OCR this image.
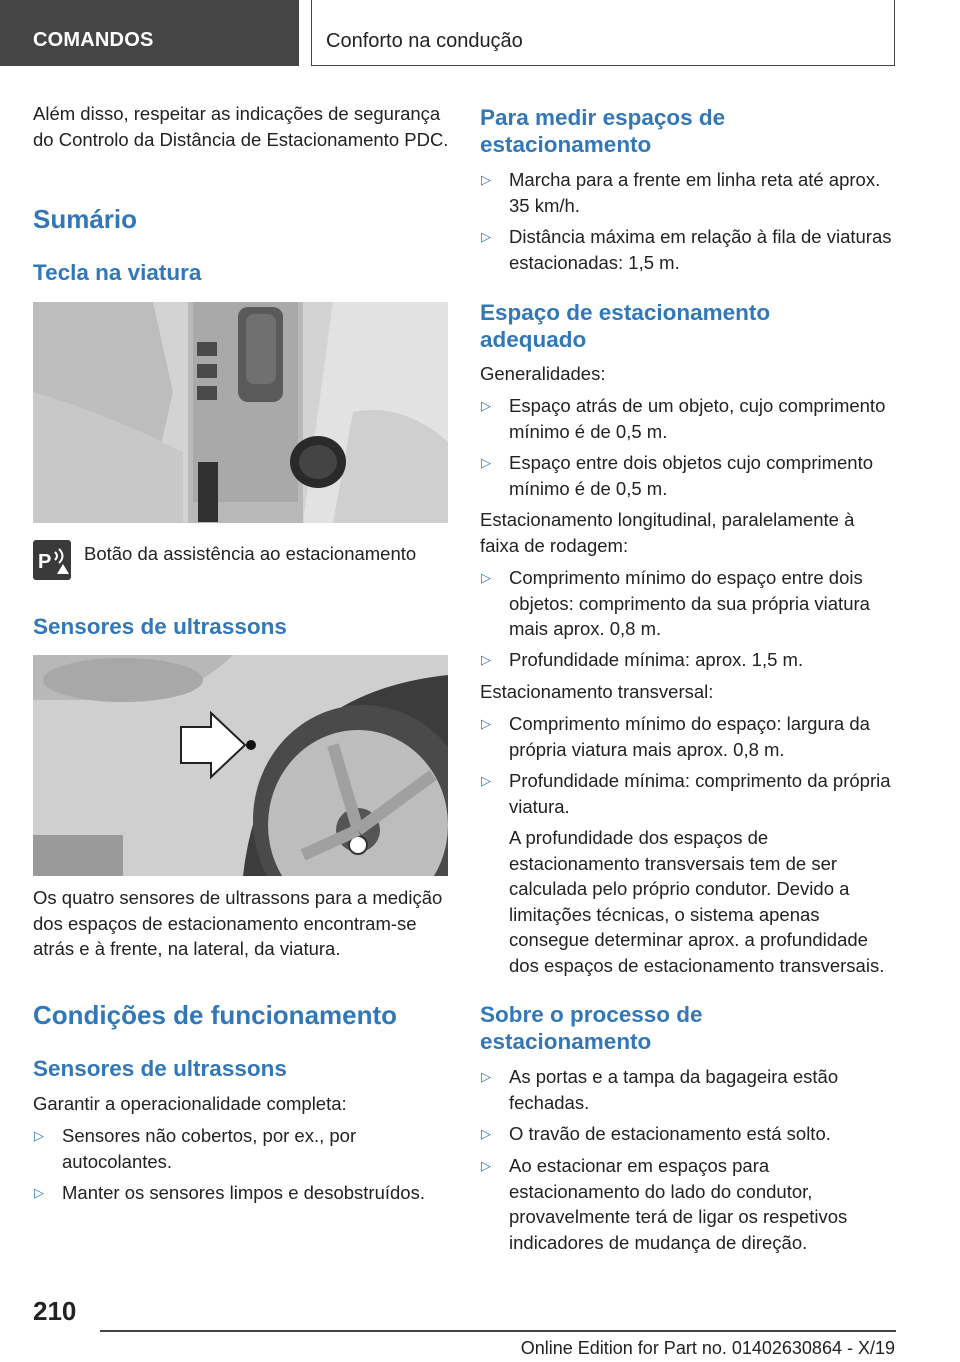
COMANDOS	Conforto na condução
Além disso, respeitar as indicações de segurança do Controlo da Distância de Estacionamento PDC.
Sumário
Tecla na viatura
P Botão da assistência ao estacionamento
Sensores de ultrassons
Os quatro sensores de ultrassons para a medição dos espaços de estacionamento encontram-se atrás e à frente, na lateral, da viatura.
Condições de funcionamento
Sensores de ultrassons
Garantir a operacionalidade completa:
▷ Sensores não cobertos, por ex., por autocolantes.
▷ Manter os sensores limpos e desobstruídos.
Para medir espaços de estacionamento
▷ Marcha para a frente em linha reta até aprox. 35 km/h.
▷ Distância máxima em relação à fila de viaturas estacionadas: 1,5 m.
Espaço de estacionamento adequado
Generalidades:
▷ Espaço atrás de um objeto, cujo comprimento mínimo é de 0,5 m.
▷ Espaço entre dois objetos cujo comprimento mínimo é de 0,5 m.
Estacionamento longitudinal, paralelamente à faixa de rodagem:
▷ Comprimento mínimo do espaço entre dois objetos: comprimento da sua própria viatura mais aprox. 0,8 m.
▷ Profundidade mínima: aprox. 1,5 m.
Estacionamento transversal:
▷ Comprimento mínimo do espaço: largura da própria viatura mais aprox. 0,8 m.
▷ Profundidade mínima: comprimento da própria viatura.
A profundidade dos espaços de estacionamento transversais tem de ser calculada pelo próprio condutor. Devido a limitações técnicas, o sistema apenas consegue determinar aprox. a profundidade dos espaços de estacionamento transversais.
Sobre o processo de estacionamento
▷ As portas e a tampa da bagageira estão fechadas.
▷ O travão de estacionamento está solto.
▷ Ao estacionar em espaços para estacionamento do lado do condutor, provavelmente terá de ligar os respetivos indicadores de mudança de direção.
210
Online Edition for Part no. 01402630864 - X/19
